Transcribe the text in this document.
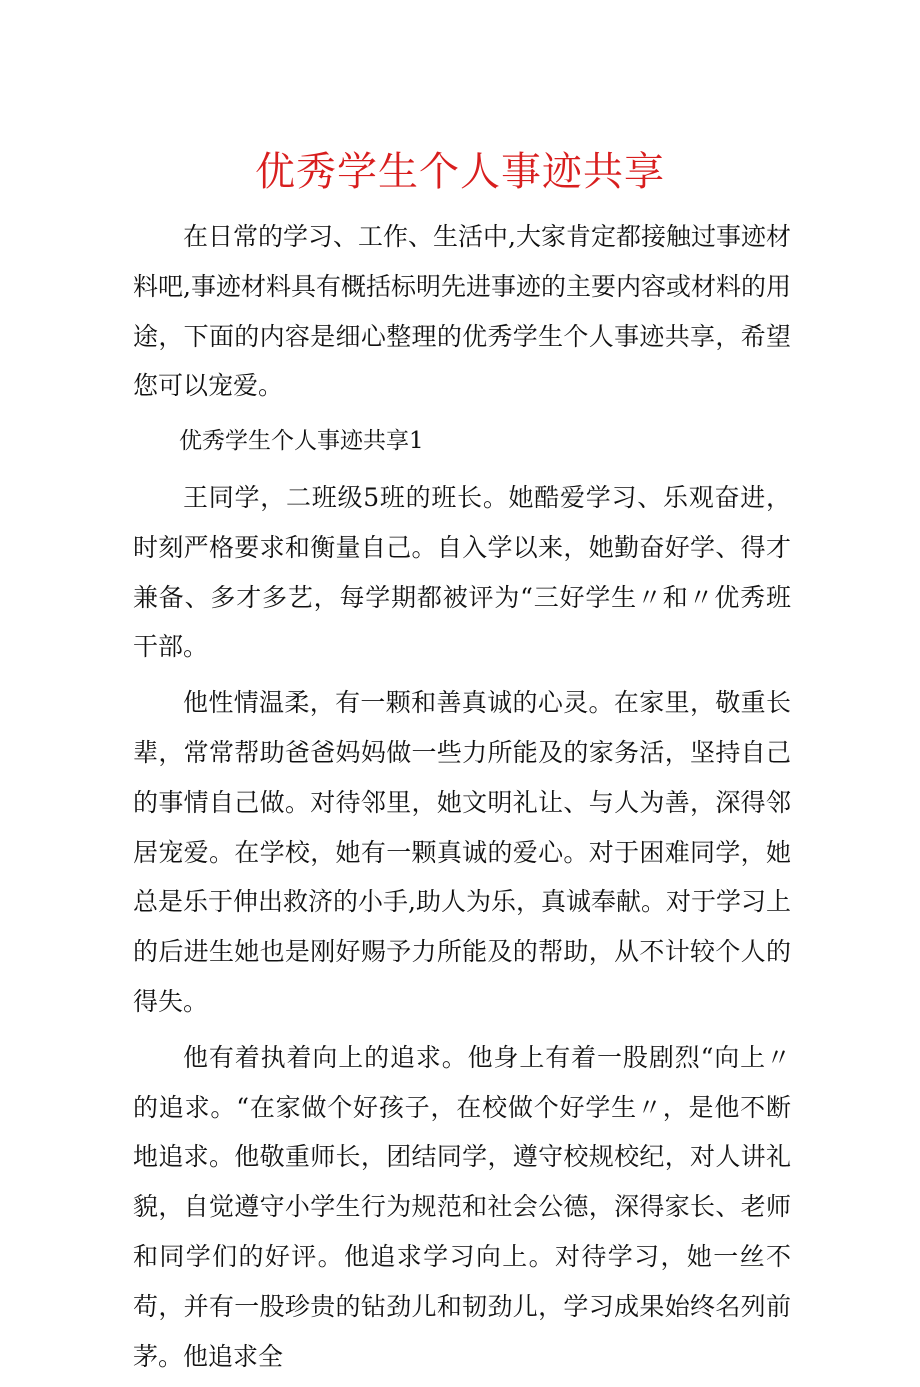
优秀学生个人事迹共享

在日常的学习、工作、生活中,大家肯定都接触过事迹材料吧,事迹材料具有概括标明先进事迹的主要内容或材料的用途，下面的内容是细心整理的优秀学生个人事迹共享，希望您可以宠爱。

优秀学生个人事迹共享1

王同学，二班级5班的班长。她酷爱学习、乐观奋进，时刻严格要求和衡量自己。自入学以来，她勤奋好学、得才兼备、多才多艺，每学期都被评为“三好学生〃和〃优秀班干部。

他性情温柔，有一颗和善真诚的心灵。在家里，敬重长辈，常常帮助爸爸妈妈做一些力所能及的家务活，坚持自己的事情自己做。对待邻里，她文明礼让、与人为善，深得邻居宠爱。在学校，她有一颗真诚的爱心。对于困难同学，她总是乐于伸出救济的小手,助人为乐，真诚奉献。对于学习上的后进生她也是刚好赐予力所能及的帮助，从不计较个人的得失。

他有着执着向上的追求。他身上有着一股剧烈“向上〃的追求。“在家做个好孩子，在校做个好学生〃，是他不断地追求。他敬重师长，团结同学，遵守校规校纪，对人讲礼貌，自觉遵守小学生行为规范和社会公德，深得家长、老师和同学们的好评。他追求学习向上。对待学习，她一丝不苟，并有一股珍贵的钻劲儿和韧劲儿，学习成果始终名列前茅。他追求全
